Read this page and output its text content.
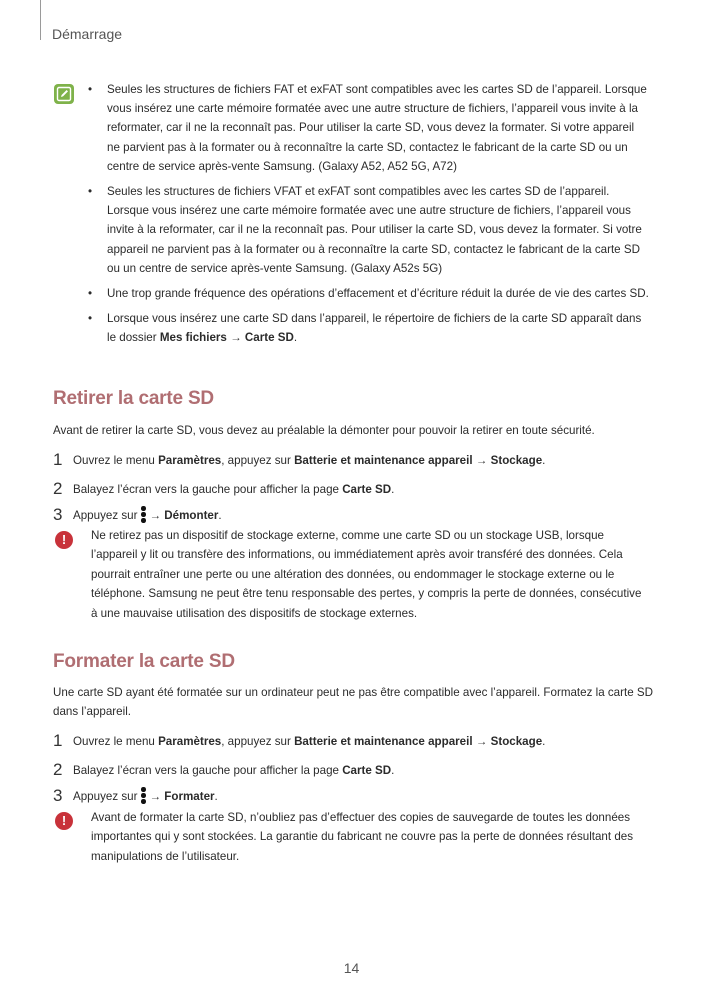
Démarrage
• Seules les structures de fichiers FAT et exFAT sont compatibles avec les cartes SD de l’appareil. Lorsque vous insérez une carte mémoire formatée avec une autre structure de fichiers, l’appareil vous invite à la reformater, car il ne la reconnaît pas. Pour utiliser la carte SD, vous devez la formater. Si votre appareil ne parvient pas à la formater ou à reconnaître la carte SD, contactez le fabricant de la carte SD ou un centre de service après-vente Samsung. (Galaxy A52, A52 5G, A72)
• Seules les structures de fichiers VFAT et exFAT sont compatibles avec les cartes SD de l’appareil. Lorsque vous insérez une carte mémoire formatée avec une autre structure de fichiers, l’appareil vous invite à la reformater, car il ne la reconnaît pas. Pour utiliser la carte SD, vous devez la formater. Si votre appareil ne parvient pas à la formater ou à reconnaître la carte SD, contactez le fabricant de la carte SD ou un centre de service après-vente Samsung. (Galaxy A52s 5G)
• Une trop grande fréquence des opérations d’effacement et d’écriture réduit la durée de vie des cartes SD.
• Lorsque vous insérez une carte SD dans l’appareil, le répertoire de fichiers de la carte SD apparaît dans le dossier Mes fichiers → Carte SD.
Retirer la carte SD
Avant de retirer la carte SD, vous devez au préalable la démonter pour pouvoir la retirer en toute sécurité.
1 Ouvrez le menu Paramètres, appuyez sur Batterie et maintenance appareil → Stockage.
2 Balayez l’écran vers la gauche pour afficher la page Carte SD.
3 Appuyez sur → Démonter.
!	Ne retirez pas un dispositif de stockage externe, comme une carte SD ou un stockage USB, lorsque l’appareil y lit ou transfère des informations, ou immédiatement après avoir transféré des données. Cela pourrait entraîner une perte ou une altération des données, ou endommager le stockage externe ou le téléphone. Samsung ne peut être tenu responsable des pertes, y compris la perte de données, consécutive à une mauvaise utilisation des dispositifs de stockage externes.
Formater la carte SD
Une carte SD ayant été formatée sur un ordinateur peut ne pas être compatible avec l’appareil. Formatez la carte SD dans l’appareil.
1 Ouvrez le menu Paramètres, appuyez sur Batterie et maintenance appareil → Stockage.
2 Balayez l’écran vers la gauche pour afficher la page Carte SD.
3 Appuyez sur → Formater.
!	Avant de formater la carte SD, n’oubliez pas d’effectuer des copies de sauvegarde de toutes les données importantes qui y sont stockées. La garantie du fabricant ne couvre pas la perte de données résultant des manipulations de l’utilisateur.
14
